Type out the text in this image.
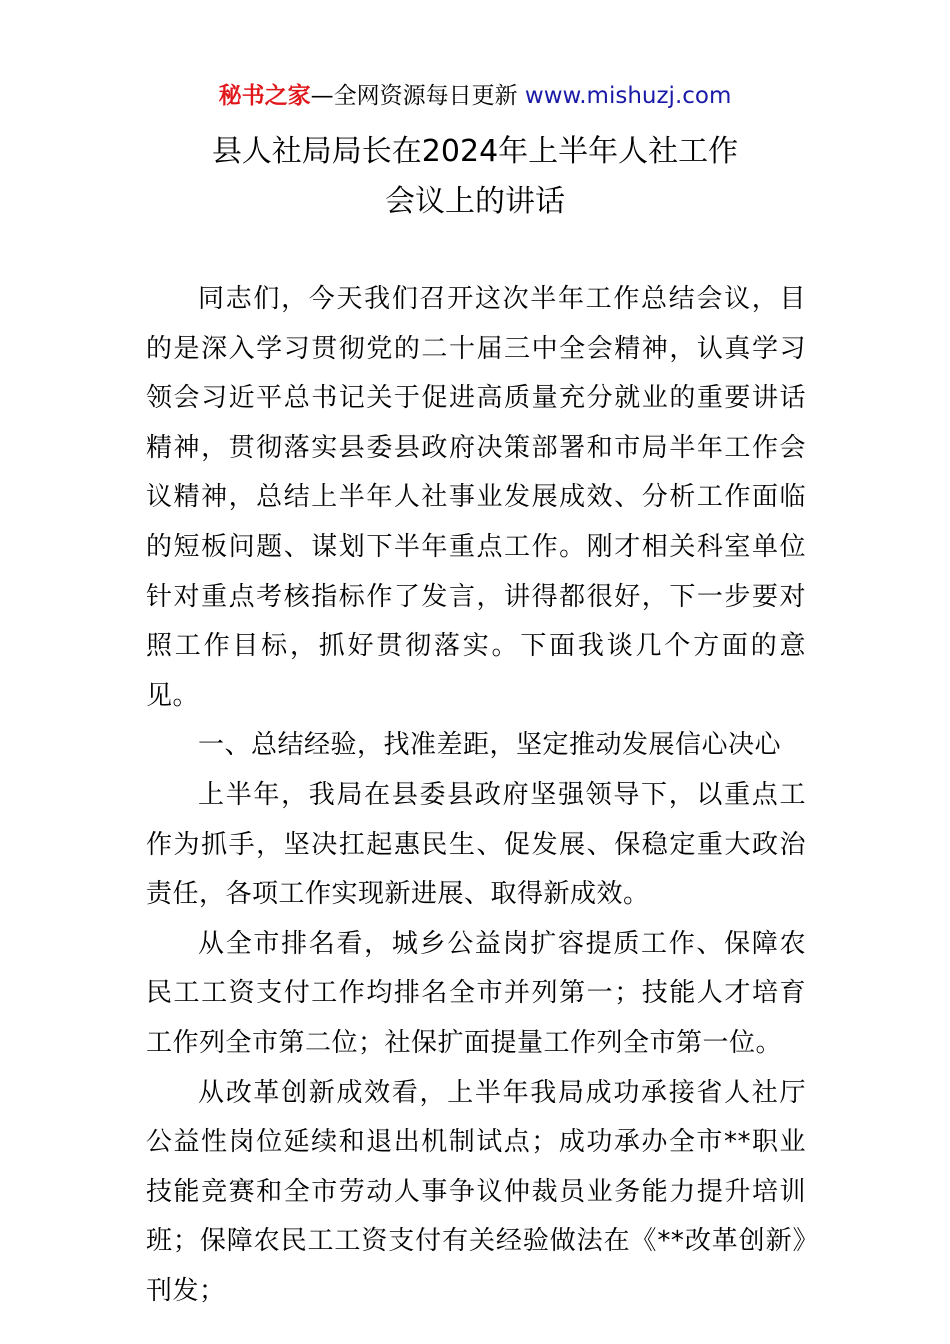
秘书之家—全网资源每日更新 www.mishuzj.com
县人社局局长在2024年上半年人社工作
会议上的讲话

同志们，今天我们召开这次半年工作总结会议，目的是深入学习贯彻党的二十届三中全会精神，认真学习领会习近平总书记关于促进高质量充分就业的重要讲话精神，贯彻落实县委县政府决策部署和市局半年工作会议精神，总结上半年人社事业发展成效、分析工作面临的短板问题、谋划下半年重点工作。刚才相关科室单位针对重点考核指标作了发言，讲得都很好，下一步要对照工作目标，抓好贯彻落实。下面我谈几个方面的意见。

一、总结经验，找准差距，坚定推动发展信心决心

上半年，我局在县委县政府坚强领导下，以重点工作为抓手，坚决扛起惠民生、促发展、保稳定重大政治责任，各项工作实现新进展、取得新成效。

从全市排名看，城乡公益岗扩容提质工作、保障农民工工资支付工作均排名全市并列第一；技能人才培育工作列全市第二位；社保扩面提量工作列全市第一位。

从改革创新成效看，上半年我局成功承接省人社厅公益性岗位延续和退出机制试点；成功承办全市**职业技能竞赛和全市劳动人事争议仲裁员业务能力提升培训班；保障农民工工资支付有关经验做法在《**改革创新》刊发；
